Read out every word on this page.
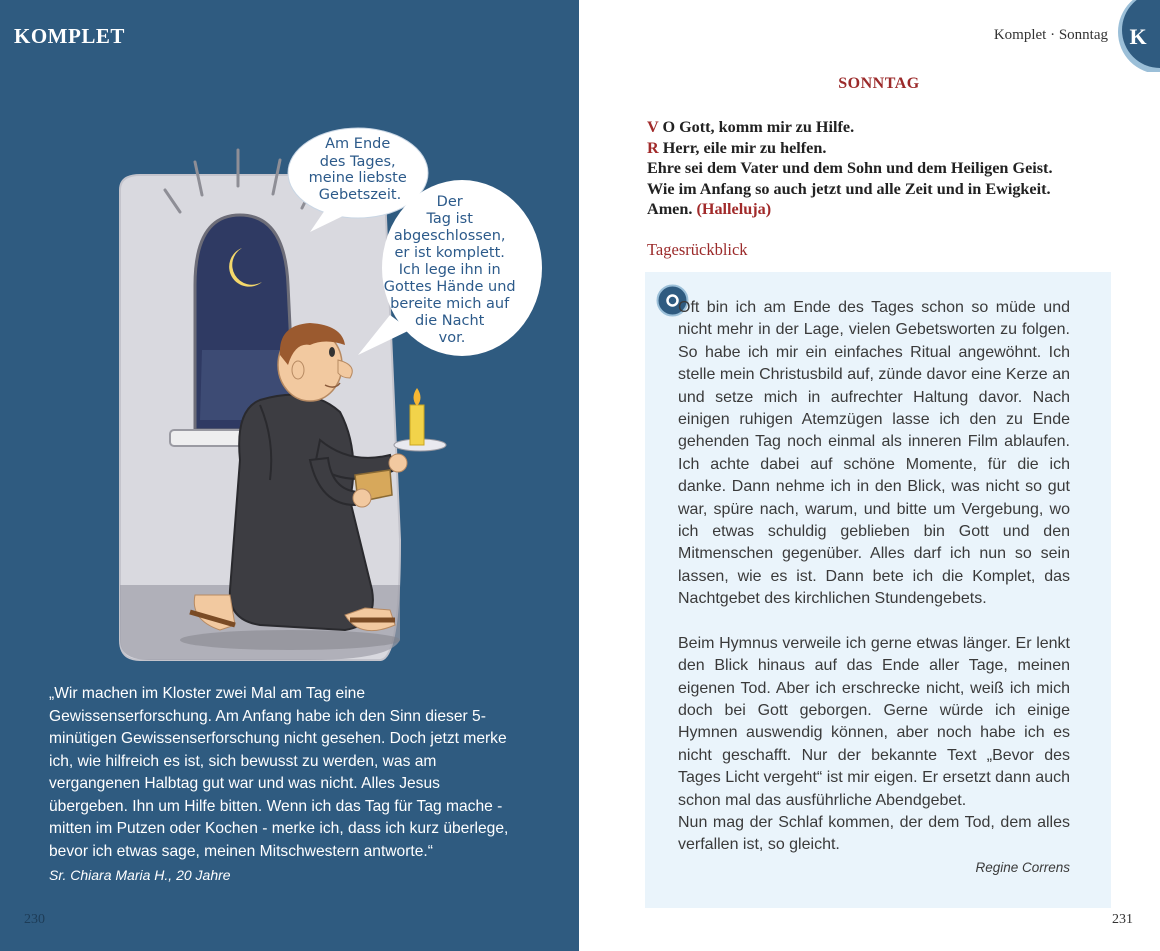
KOMPLET
Am Ende des Tages, meine liebste Gebetszeit.	Der Tag ist abgeschlossen, er ist komplett. Ich lege ihn in Gottes Hände und bereite mich auf die Nacht vor.
„Wir machen im Kloster zwei Mal am Tag eine Gewissenserforschung. Am Anfang habe ich den Sinn dieser 5-minütigen Gewissenserforschung nicht gesehen. Doch jetzt merke ich, wie hilfreich es ist, sich bewusst zu werden, was am vergangenen Halbtag gut war und was nicht. Alles Jesus übergeben. Ihn um Hilfe bitten. Wenn ich das Tag für Tag mache - mitten im Putzen oder Kochen - merke ich, dass ich kurz überlege, bevor ich etwas sage, meinen Mitschwestern antworte.“
Sr. Chiara Maria H., 20 Jahre
230
Komplet · Sonntag K
SONNTAG
V O Gott, komm mir zu Hilfe.
R Herr, eile mir zu helfen.
Ehre sei dem Vater und dem Sohn und dem Heiligen Geist.
Wie im Anfang so auch jetzt und alle Zeit und in Ewigkeit.
Amen. (Halleluja)
Tagesrückblick

Oft bin ich am Ende des Tages schon so müde und nicht mehr in der Lage, vielen Gebetsworten zu folgen. So habe ich mir ein einfaches Ritual angewöhnt. Ich stelle mein Christusbild auf, zünde davor eine Kerze an und setze mich in aufrechter Haltung davor. Nach einigen ruhigen Atemzügen lasse ich den zu Ende gehenden Tag noch einmal als inneren Film ablaufen. Ich achte dabei auf schöne Momente, für die ich danke. Dann nehme ich in den Blick, was nicht so gut war, spüre nach, warum, und bitte um Vergebung, wo ich etwas schuldig geblieben bin Gott und den Mitmenschen gegenüber. Alles darf ich nun so sein lassen, wie es ist. Dann bete ich die Komplet, das Nachtgebet des kirchlichen Stundengebets.

Beim Hymnus verweile ich gerne etwas länger. Er lenkt den Blick hinaus auf das Ende aller Tage, meinen eigenen Tod. Aber ich erschrecke nicht, weiß ich mich doch bei Gott geborgen. Gerne würde ich einige Hymnen auswendig können, aber noch habe ich es nicht geschafft. Nur der bekannte Text „Bevor des Tages Licht vergeht“ ist mir eigen. Er ersetzt dann auch schon mal das ausführliche Abendgebet.

Nun mag der Schlaf kommen, der dem Tod, dem alles verfallen ist, so gleicht.

Regine Correns
231
